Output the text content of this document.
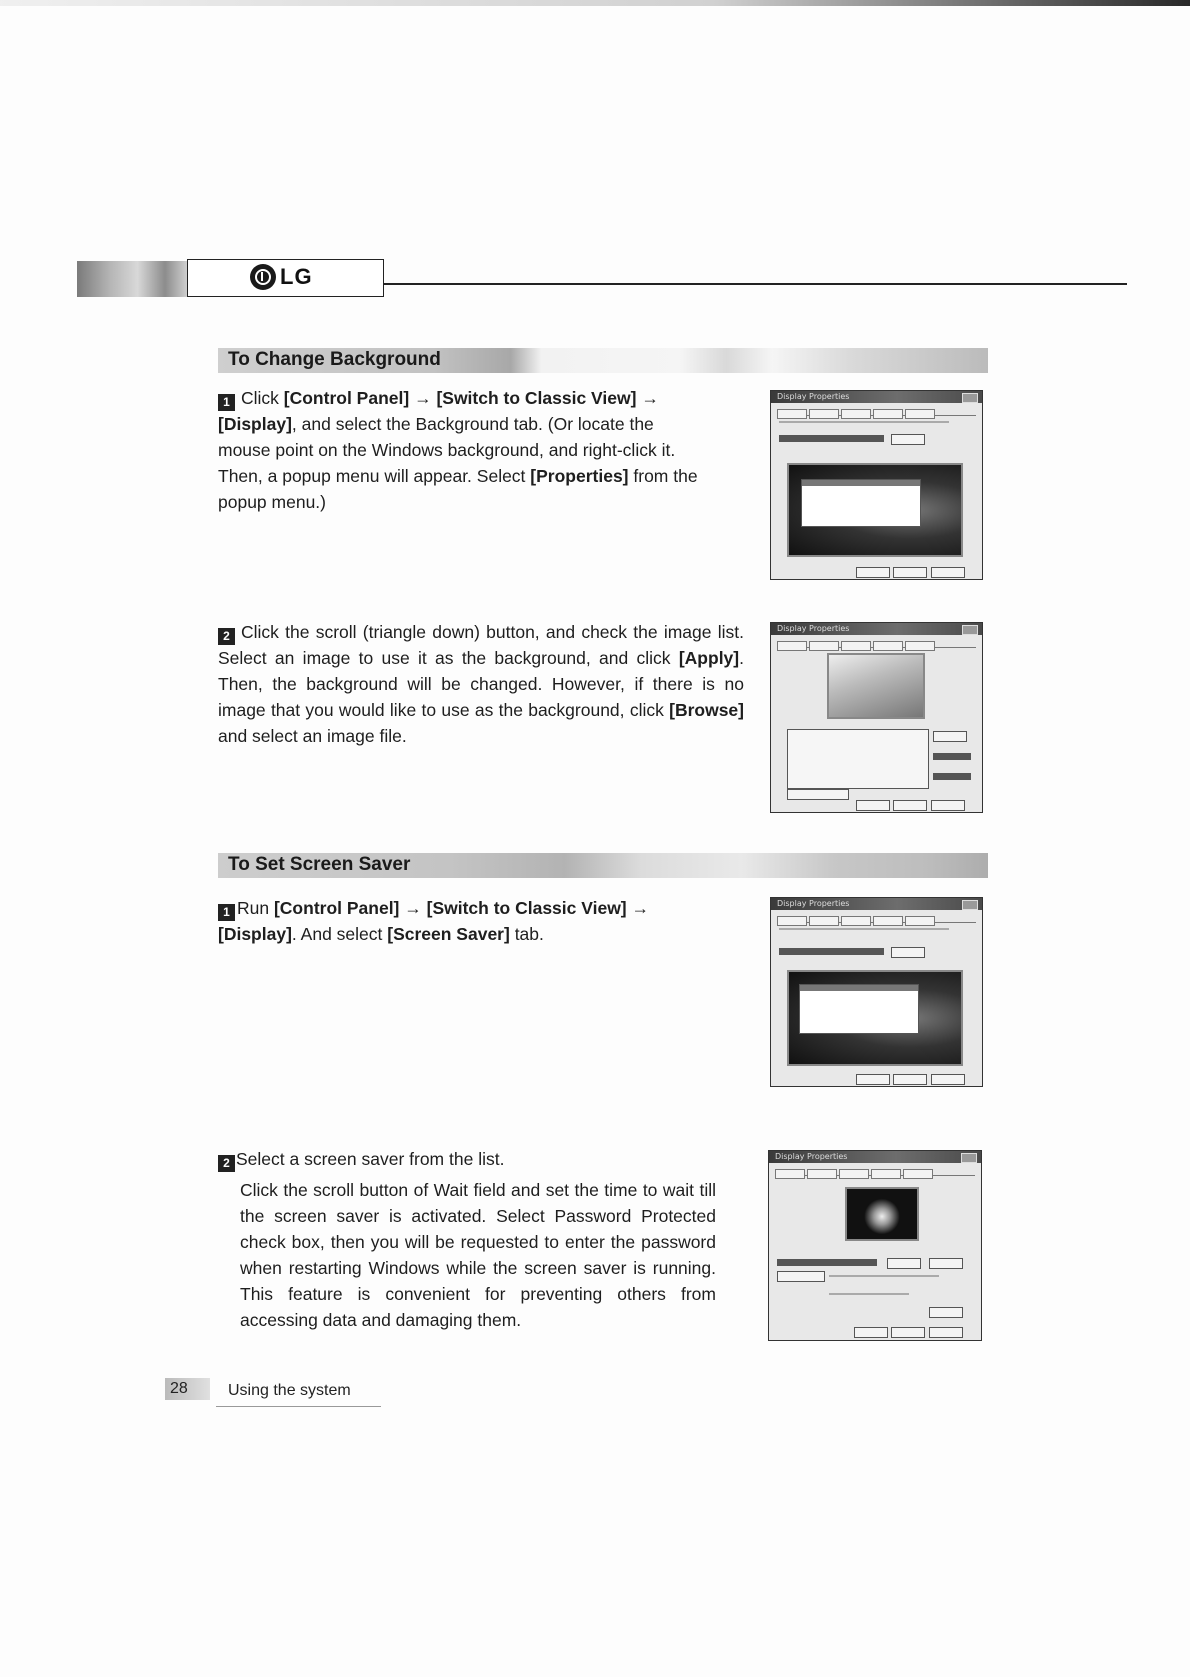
LG
To Change Background
1 Click [Control Panel] → [Switch to Classic View] → [Display], and select the Background tab. (Or locate the mouse point on the Windows background, and right-click it. Then, a popup menu will appear. Select [Properties] from the popup menu.)
Display Properties
2 Click the scroll (triangle down) button, and check the image list. Select an image to use it as the background, and click [Apply]. Then, the background will be changed. However, if there is no image that you would like to use as the background, click [Browse] and select an image file.
Display Properties
To Set Screen Saver
1 Run [Control Panel] → [Switch to Classic View] → [Display]. And select [Screen Saver] tab.
Display Properties
2 Select a screen saver from the list.
Click the scroll button of Wait field and set the time to wait till the screen saver is activated. Select Password Protected check box, then you will be requested to enter the password when restarting Windows while the screen saver is running. This feature is convenient for preventing others from accessing data and damaging them.
Display Properties
28	Using the system
